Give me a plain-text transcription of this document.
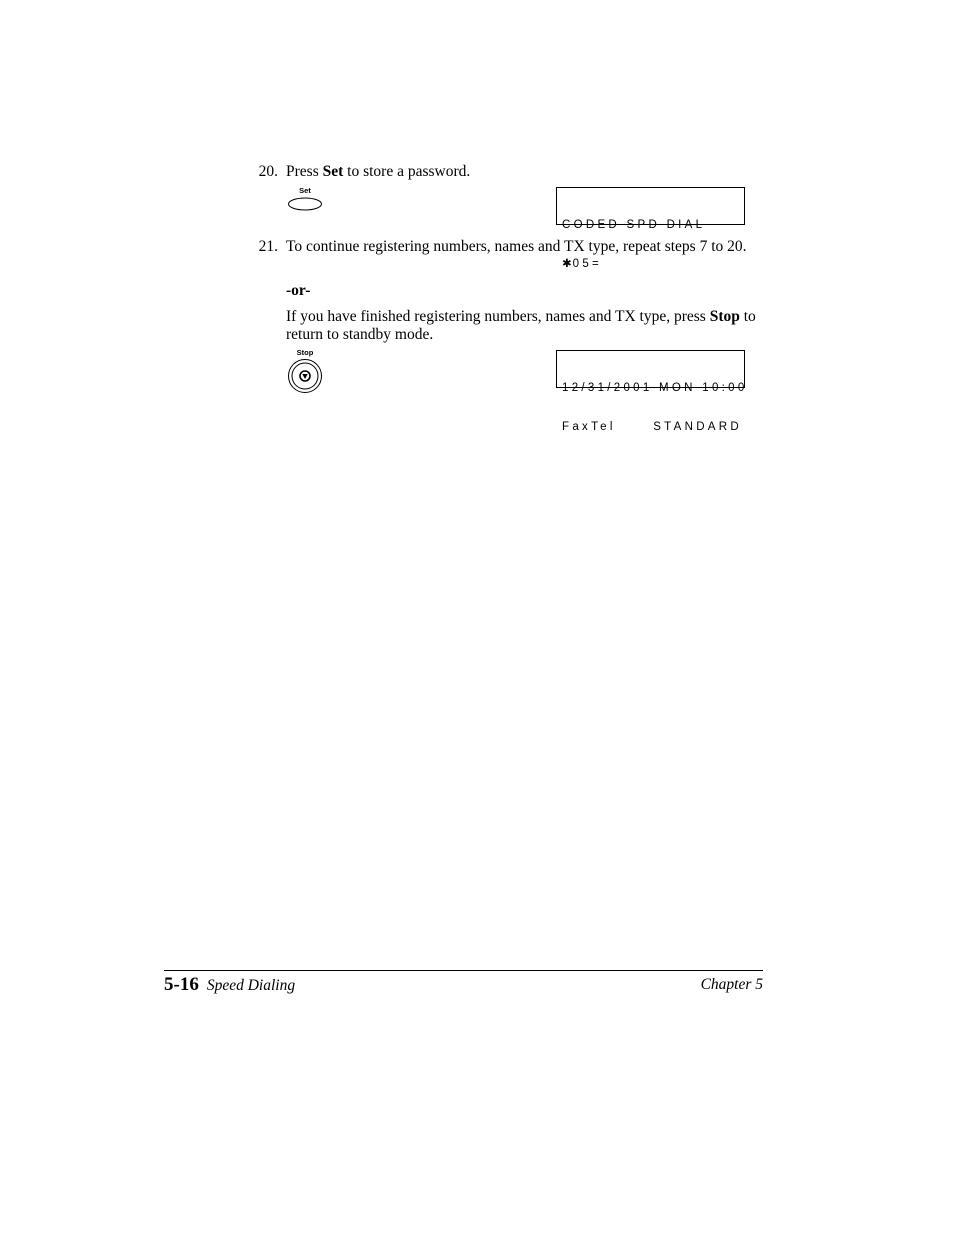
20. Press Set to store a password.
Set

CODED SPD DIAL

✱05=

21. To continue registering numbers, names and TX type, repeat steps 7 to 20.
-or-
If you have finished registering numbers, names and TX type, press Stop to return to standby mode.
Stop

12/31/2001 MON 10:00

FaxTel	STANDARD

5-16 Speed Dialing	Chapter 5
